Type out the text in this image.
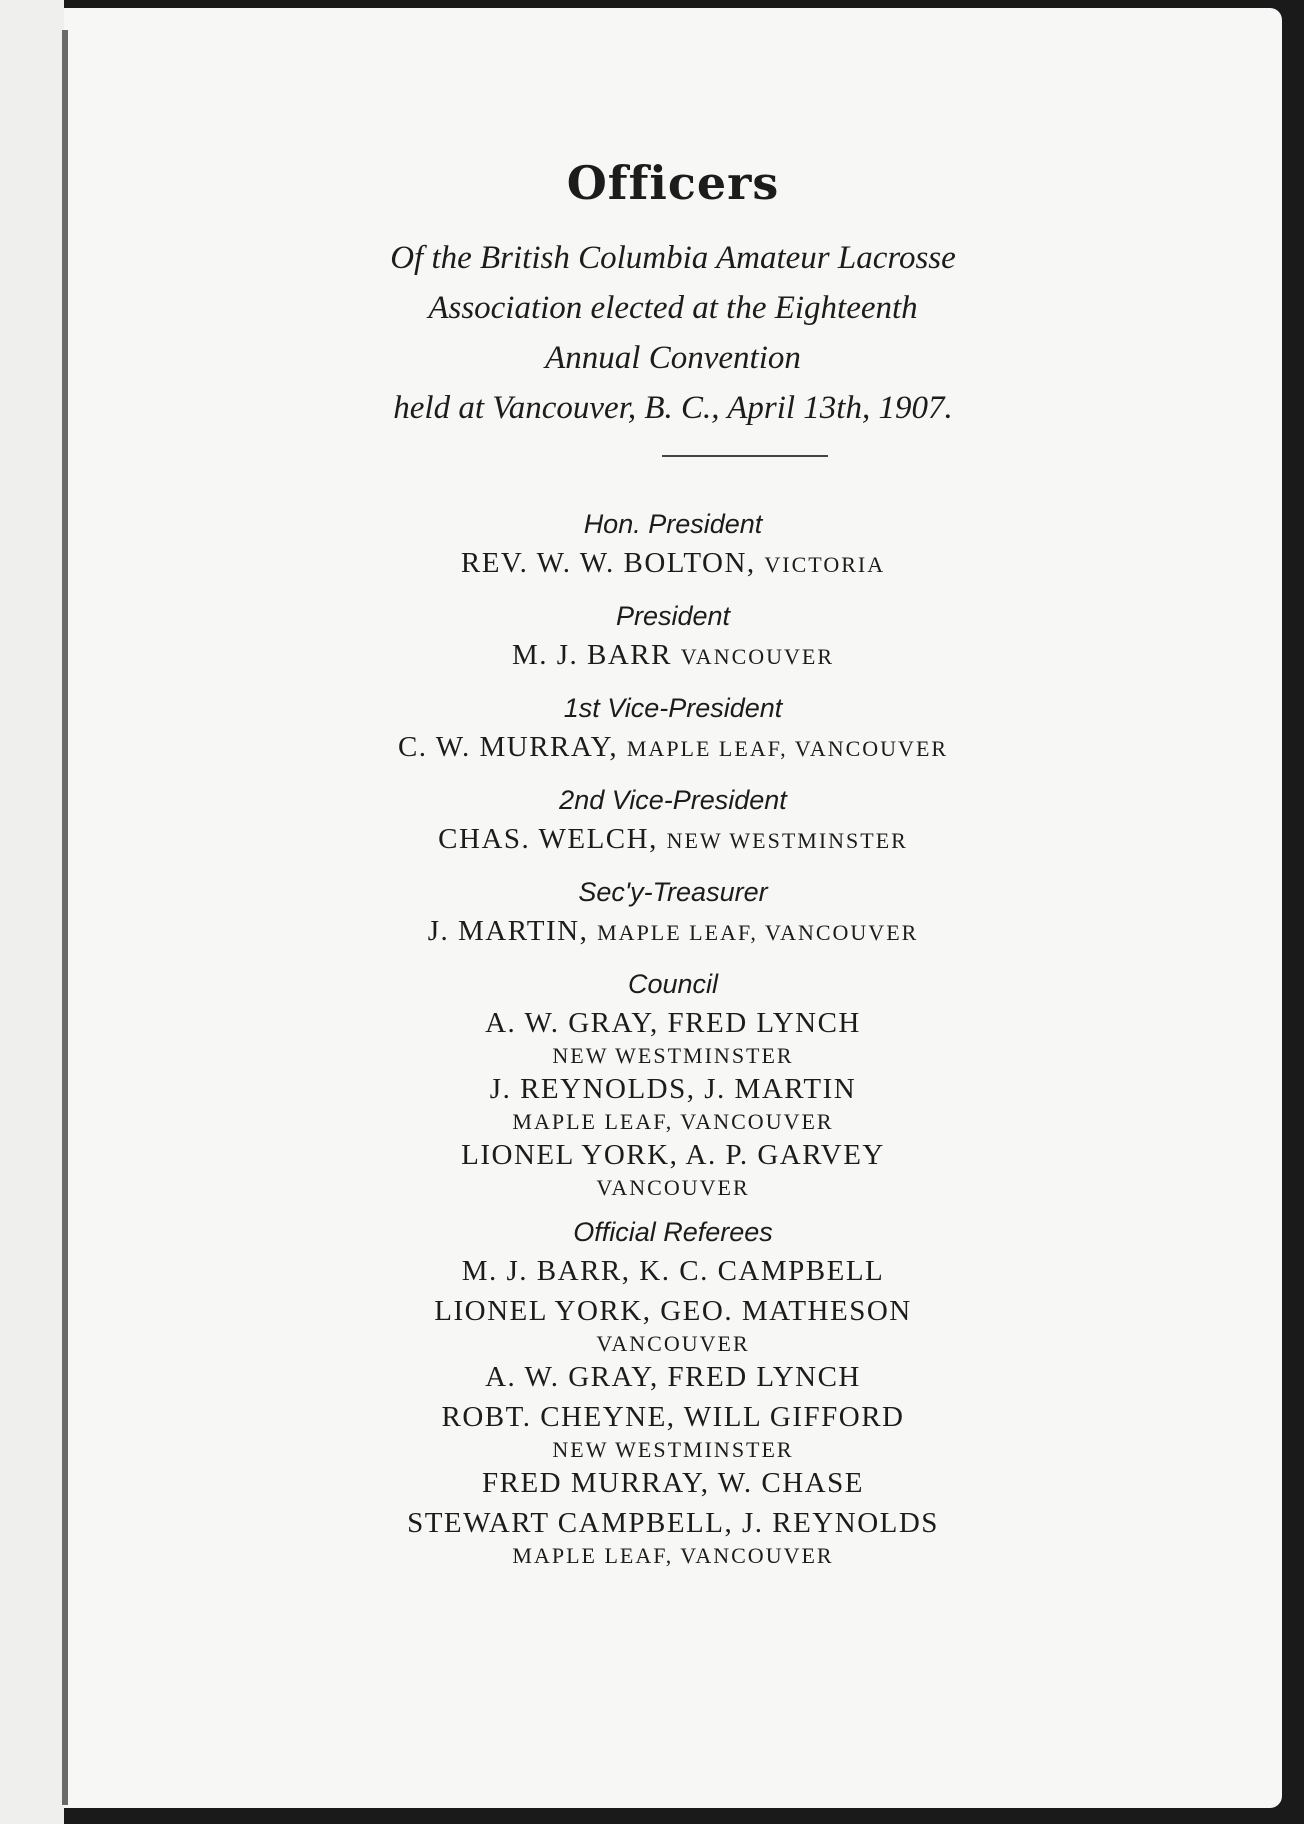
Officers
Of the British Columbia Amateur Lacrosse
Association elected at the Eighteenth
Annual Convention
held at Vancouver, B. C., April 13th, 1907.
Hon. President
REV. W. W. BOLTON, VICTORIA
President
M. J. BARR VANCOUVER
1st Vice-President
C. W. MURRAY, MAPLE LEAF, VANCOUVER
2nd Vice-President
CHAS. WELCH, NEW WESTMINSTER
Sec'y-Treasurer
J. MARTIN, MAPLE LEAF, VANCOUVER
Council
A. W. GRAY, FRED LYNCH
NEW WESTMINSTER
J. REYNOLDS, J. MARTIN
MAPLE LEAF, VANCOUVER
LIONEL YORK, A. P. GARVEY
VANCOUVER
Official Referees
M. J. BARR, K. C. CAMPBELL
LIONEL YORK, GEO. MATHESON
VANCOUVER
A. W. GRAY, FRED LYNCH
ROBT. CHEYNE, WILL GIFFORD
NEW WESTMINSTER
FRED MURRAY, W. CHASE
STEWART CAMPBELL, J. REYNOLDS
MAPLE LEAF, VANCOUVER
